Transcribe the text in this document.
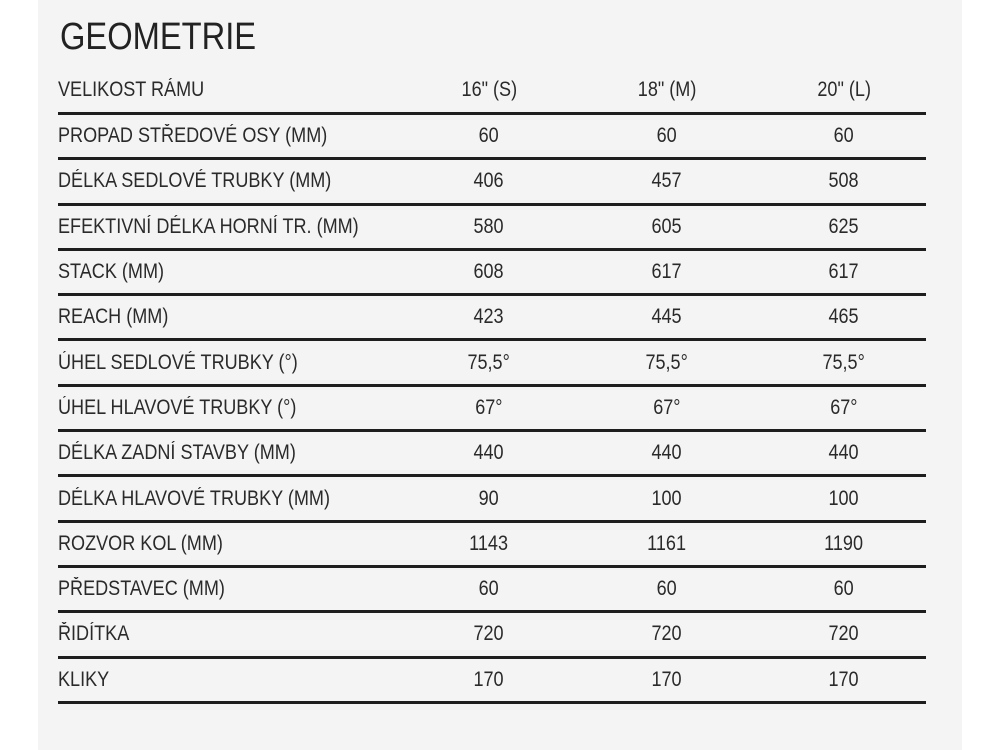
GEOMETRIE
VELIKOST RÁMU	16" (S)	18" (M)	20" (L)
PROPAD STŘEDOVÉ OSY (MM)	60	60	60
DÉLKA SEDLOVÉ TRUBKY (MM)	406	457	508
EFEKTIVNÍ DÉLKA HORNÍ TR. (MM)	580	605	625
STACK (MM)	608	617	617
REACH (MM)	423	445	465
ÚHEL SEDLOVÉ TRUBKY (°)	75,5°	75,5°	75,5°
ÚHEL HLAVOVÉ TRUBKY (°)	67°	67°	67°
DÉLKA ZADNÍ STAVBY (MM)	440	440	440
DÉLKA HLAVOVÉ TRUBKY (MM)	90	100	100
ROZVOR KOL (MM)	1143	1161	1190
PŘEDSTAVEC (MM)	60	60	60
ŘIDÍTKA	720	720	720
KLIKY	170	170	170
